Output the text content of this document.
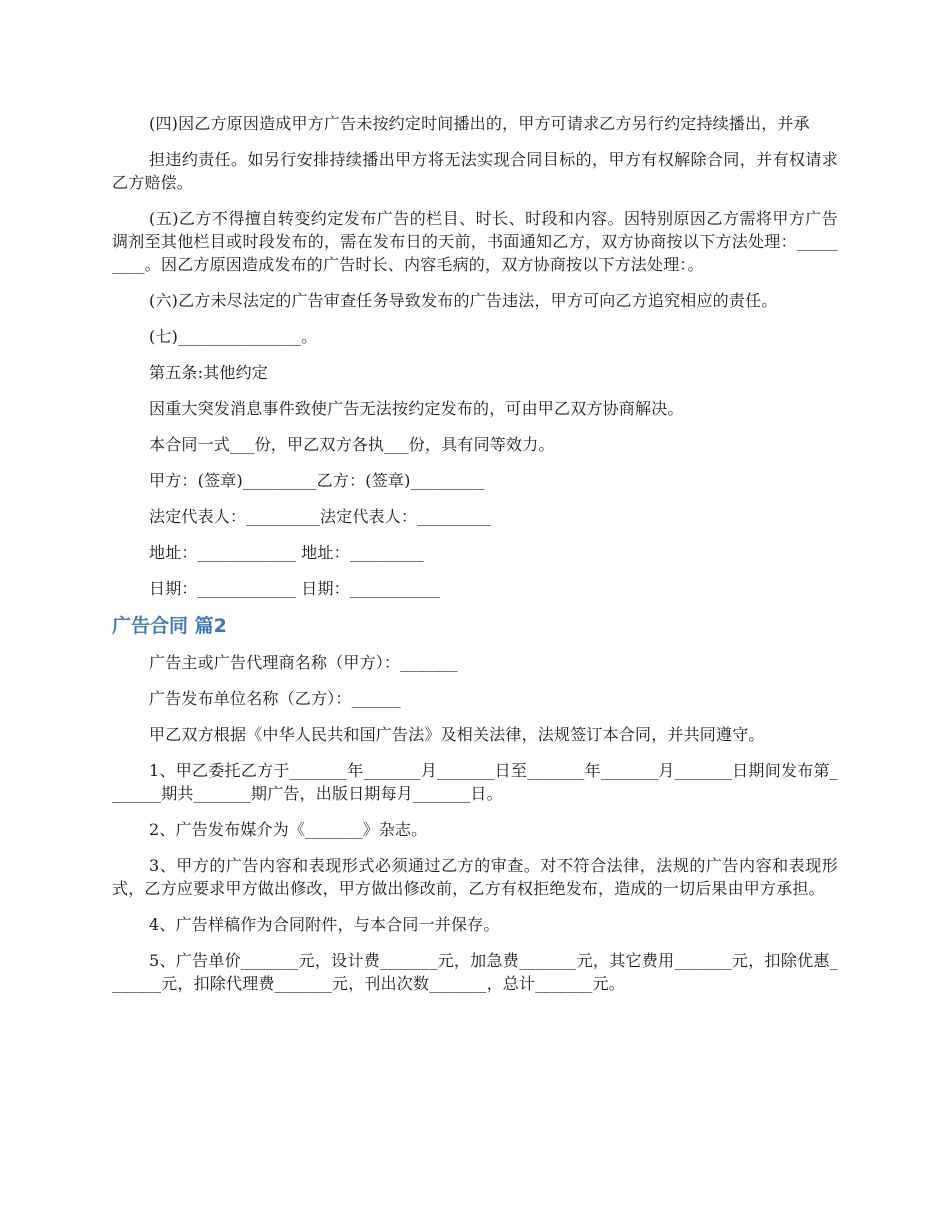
(四)因乙方原因造成甲方广告未按约定时间播出的，甲方可请求乙方另行约定持续播出，并承

担违约责任。如另行安排持续播出甲方将无法实现合同目标的，甲方有权解除合同，并有权请求乙方赔偿。

(五)乙方不得擅自转变约定发布广告的栏目、时长、时段和内容。因特别原因乙方需将甲方广告调剂至其他栏目或时段发布的，需在发布日的天前，书面通知乙方，双方协商按以下方法处理：_________。因乙方原因造成发布的广告时长、内容毛病的，双方协商按以下方法处理：。

(六)乙方未尽法定的广告审查任务导致发布的广告违法，甲方可向乙方追究相应的责任。

(七)_______________。

第五条:其他约定

因重大突发消息事件致使广告无法按约定发布的，可由甲乙双方协商解决。

本合同一式___份，甲乙双方各执___份，具有同等效力。

甲方：(签章)_________乙方：(签章)_________

法定代表人：_________法定代表人：_________

地址：____________ 地址：_________

日期：____________ 日期：___________

广告合同 篇2

广告主或广告代理商名称（甲方）：_______

广告发布单位名称（乙方）：______

甲乙双方根据《中华人民共和国广告法》及相关法律，法规签订本合同，并共同遵守。

1、甲乙委托乙方于_______年_______月_______日至_______年_______月_______日期间发布第_______期共_______期广告，出版日期每月_______日。

2、广告发布媒介为《_______》杂志。

3、甲方的广告内容和表现形式必须通过乙方的审查。对不符合法律，法规的广告内容和表现形式，乙方应要求甲方做出修改，甲方做出修改前，乙方有权拒绝发布，造成的一切后果由甲方承担。

4、广告样稿作为合同附件，与本合同一并保存。

5、广告单价_______元，设计费_______元，加急费_______元，其它费用_______元，扣除优惠_______元，扣除代理费_______元，刊出次数_______，总计_______元。
